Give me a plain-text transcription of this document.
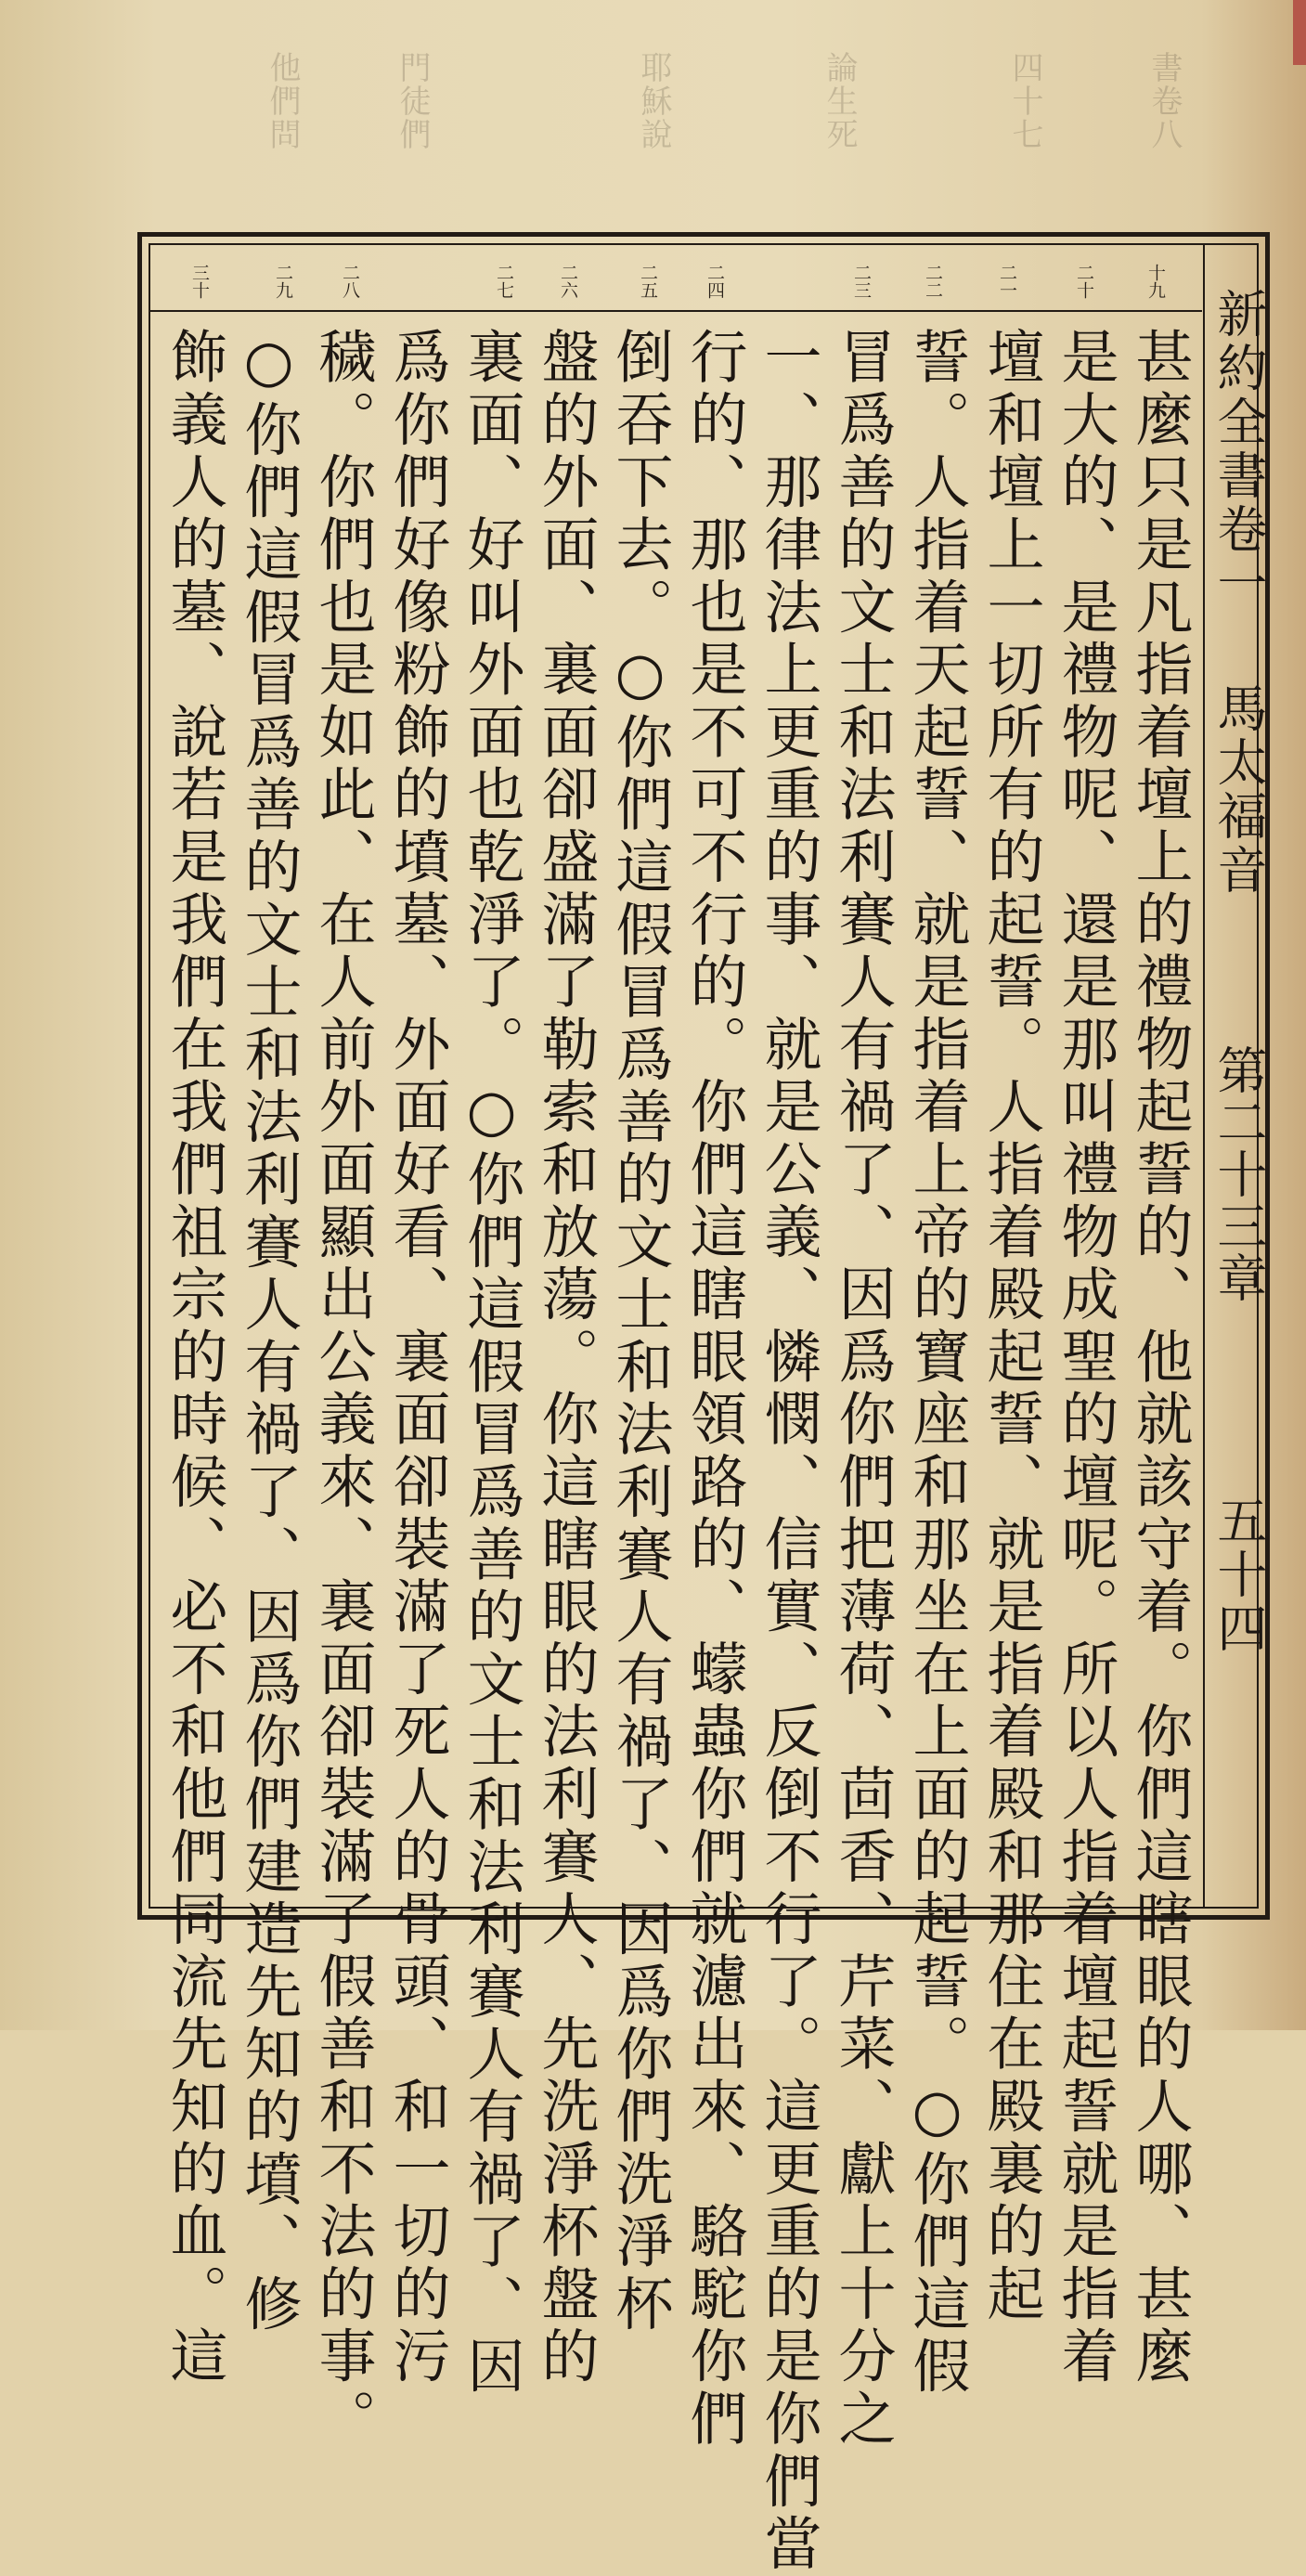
書卷八
四十七
論生死
耶穌說
門徒們
他們問
新約全書卷一
馬太福音
第二十三章
五十四
十九
二十
二一
二二
二三
二四
二五
二六
二七
二八
二九
三十
甚麼只是凡指着壇上的禮物起誓的、他就該守着。你們這瞎眼的人哪、甚麼
是大的、是禮物呢、還是那叫禮物成聖的壇呢。所以人指着壇起誓就是指着
壇和壇上一切所有的起誓。人指着殿起誓、就是指着殿和那住在殿裏的起
誓。人指着天起誓、就是指着上帝的寶座和那坐在上面的起誓。○你們這假
冒爲善的文士和法利賽人有禍了、因爲你們把薄荷、茴香、芹菜、獻上十分之
一、那律法上更重的事、就是公義、憐憫、信實、反倒不行了。這更重的是你們當
行的、那也是不可不行的。你們這瞎眼領路的、蠓蟲你們就濾出來、駱駝你們
倒吞下去。○你們這假冒爲善的文士和法利賽人有禍了、因爲你們洗淨杯
盤的外面、裏面卻盛滿了勒索和放蕩。你這瞎眼的法利賽人、先洗淨杯盤的
裏面、好叫外面也乾淨了。○你們這假冒爲善的文士和法利賽人有禍了、因
爲你們好像粉飾的墳墓、外面好看、裏面卻裝滿了死人的骨頭、和一切的污
穢。你們也是如此、在人前外面顯出公義來、裏面卻裝滿了假善和不法的事。
○你們這假冒爲善的文士和法利賽人有禍了、因爲你們建造先知的墳、修
飾義人的墓、說若是我們在我們祖宗的時候、必不和他們同流先知的血。這
